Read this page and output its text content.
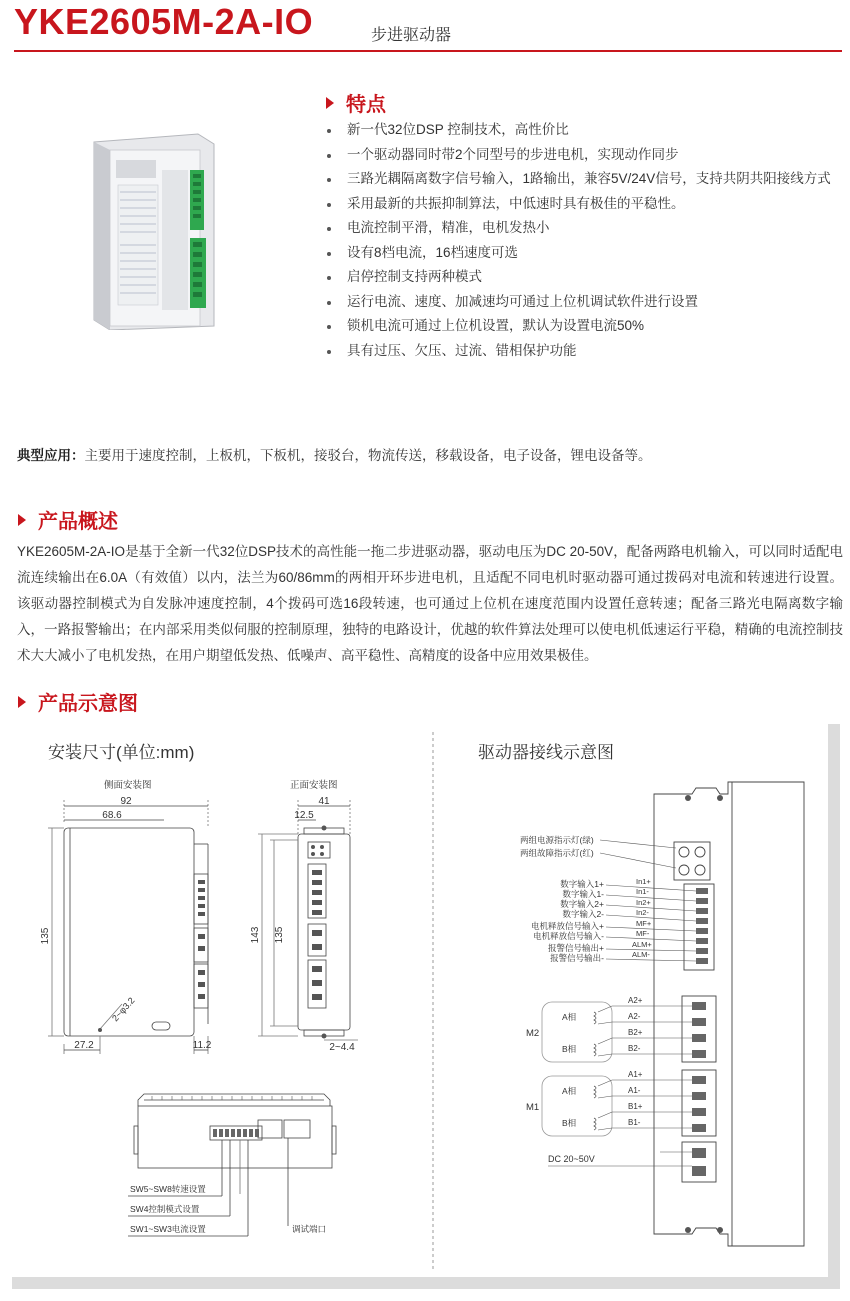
YKE2605M-2A-IO	步进驱动器
特点
新一代32位DSP 控制技术，高性价比
一个驱动器同时带2个同型号的步进电机，实现动作同步
三路光耦隔离数字信号输入，1路输出，兼容5V/24V信号，支持共阴共阳接线方式
采用最新的共振抑制算法，中低速时具有极佳的平稳性。
电流控制平滑，精准，电机发热小
设有8档电流，16档速度可选
启停控制支持两种模式
运行电流、速度、加减速均可通过上位机调试软件进行设置
锁机电流可通过上位机设置，默认为设置电流50%
具有过压、欠压、过流、错相保护功能
典型应用：主要用于速度控制，上板机，下板机，接驳台，物流传送，移载设备，电子设备，锂电设备等。
产品概述
YKE2605M-2A-IO是基于全新一代32位DSP技术的高性能一拖二步进驱动器，驱动电压为DC 20-50V，配备两路电机输入，可以同时适配电流连续输出在6.0A（有效值）以内，法兰为60/86mm的两相开环步进电机，且适配不同电机时驱动器可通过拨码对电流和转速进行设置。该驱动器控制模式为自发脉冲速度控制，4个拨码可选16段转速，也可通过上位机在速度范围内设置任意转速；配备三路光电隔离数字输入，一路报警输出；在内部采用类似伺服的控制原理，独特的电路设计，优越的软件算法处理可以使电机低速运行平稳，精确的电流控制技术大大减小了电机发热，在用户期望低发热、低噪声、高平稳性、高精度的设备中应用效果极佳。
产品示意图
安装尺寸(单位:mm)
侧面安装图	正面安装图
92
68.6
135
27.2	11.2
2~φ3.2
41
12.5
143 135
2~4.4
SW5~SW8转速设置
SW4控制模式设置
SW1~SW3电流设置	调试端口
驱动器接线示意图
两组电源指示灯(绿)
两组故障指示灯(红)
数字输入1+
数字输入1-
数字输入2+
数字输入2-
电机释放信号输入+
电机释放信号输入-
报警信号输出+
报警信号输出-
In1+
In1-
In2+
In2-
MF+
MF-
ALM+
ALM-
M2
A相
B相
A2+
A2-
B2+
B2-
M1
A相
B相
A1+
A1-
B1+
B1-
DC 20~50V
